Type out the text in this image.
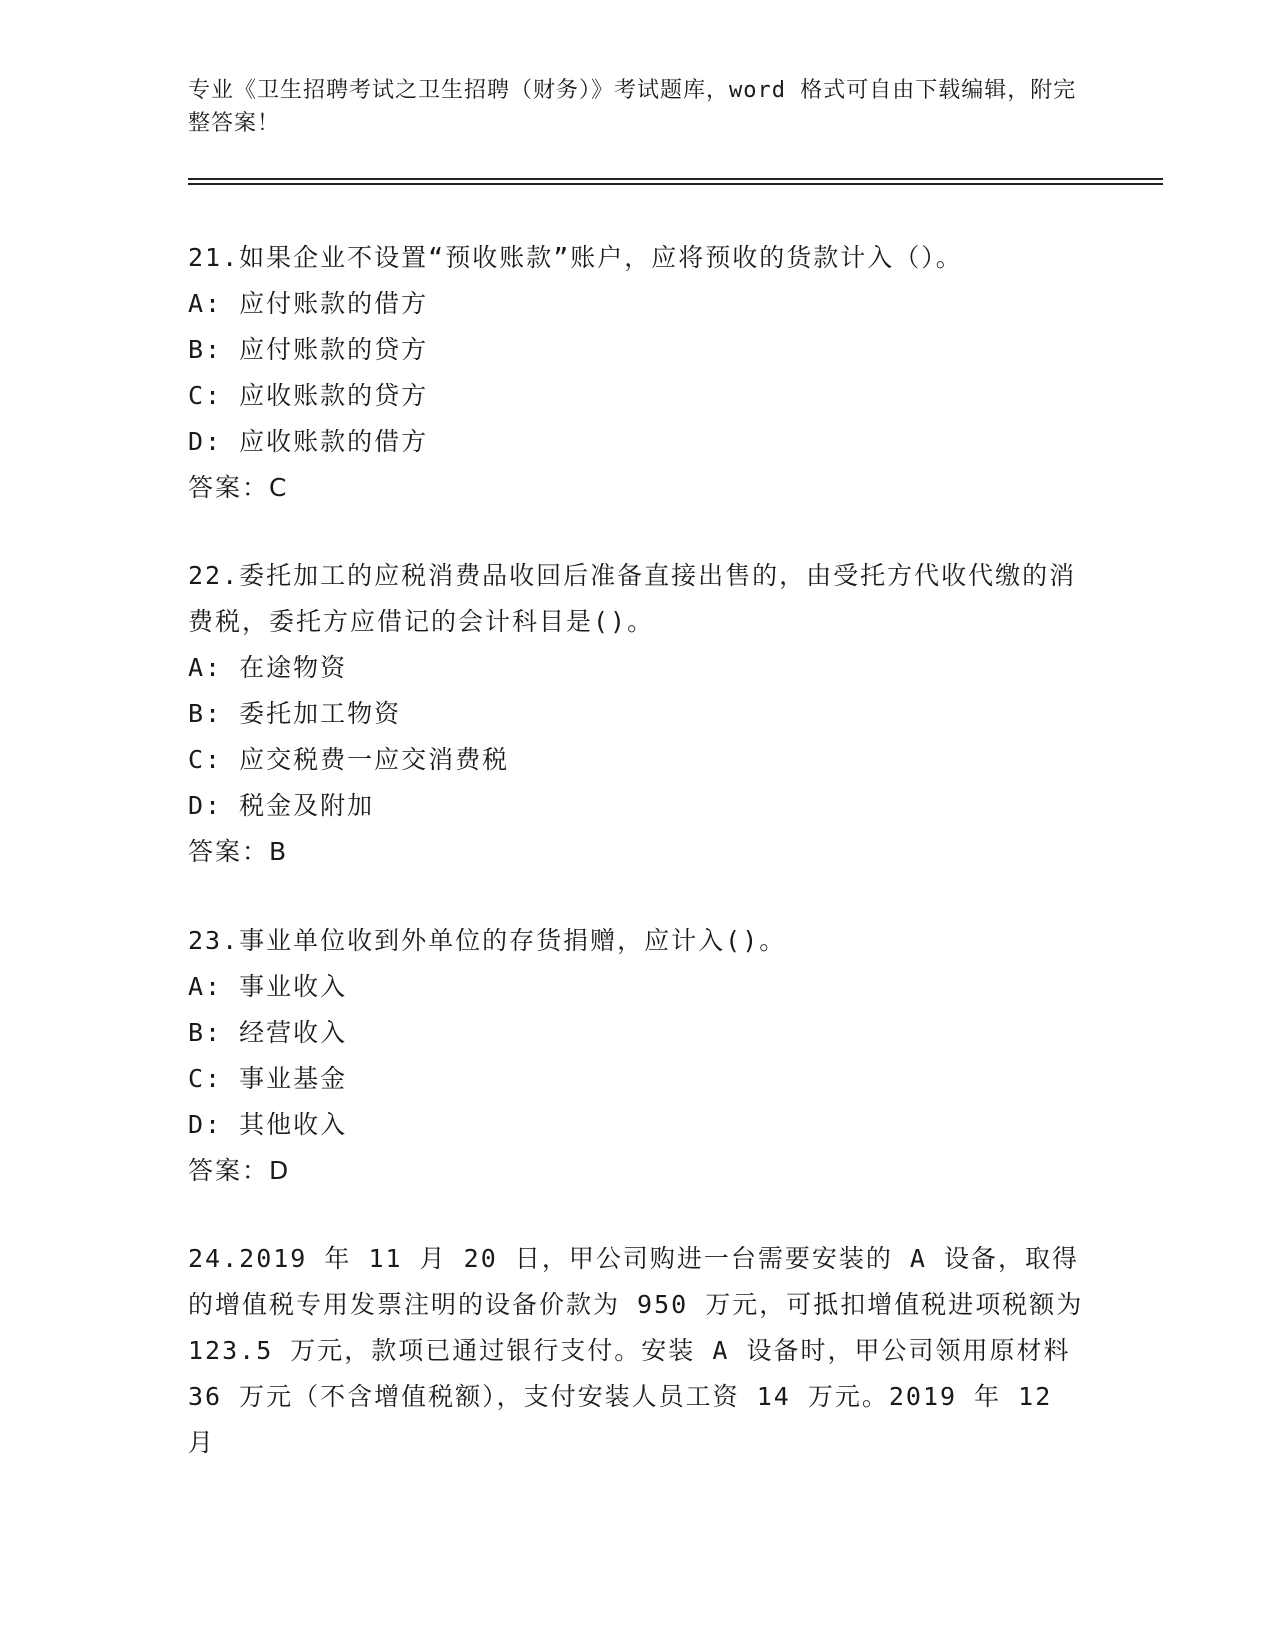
专业《卫生招聘考试之卫生招聘（财务）》考试题库，word 格式可自由下载编辑，附完整答案！

21.如果企业不设置“预收账款”账户，应将预收的货款计入（）。

A: 应付账款的借方

B: 应付账款的贷方

C: 应收账款的贷方

D: 应收账款的借方

答案：C

22.委托加工的应税消费品收回后准备直接出售的，由受托方代收代缴的消费税，委托方应借记的会计科目是()。

A: 在途物资

B: 委托加工物资

C: 应交税费一应交消费税

D: 税金及附加

答案：B

23.事业单位收到外单位的存货捐赠，应计入()。

A: 事业收入

B: 经营收入

C: 事业基金

D: 其他收入

答案：D

24.2019 年 11 月 20 日，甲公司购进一台需要安装的 A 设备，取得的增值税专用发票注明的设备价款为 950 万元，可抵扣增值税进项税额为 123.5 万元，款项已通过银行支付。安装 A 设备时，甲公司领用原材料 36 万元（不含增值税额），支付安装人员工资 14 万元。2019 年 12 月
